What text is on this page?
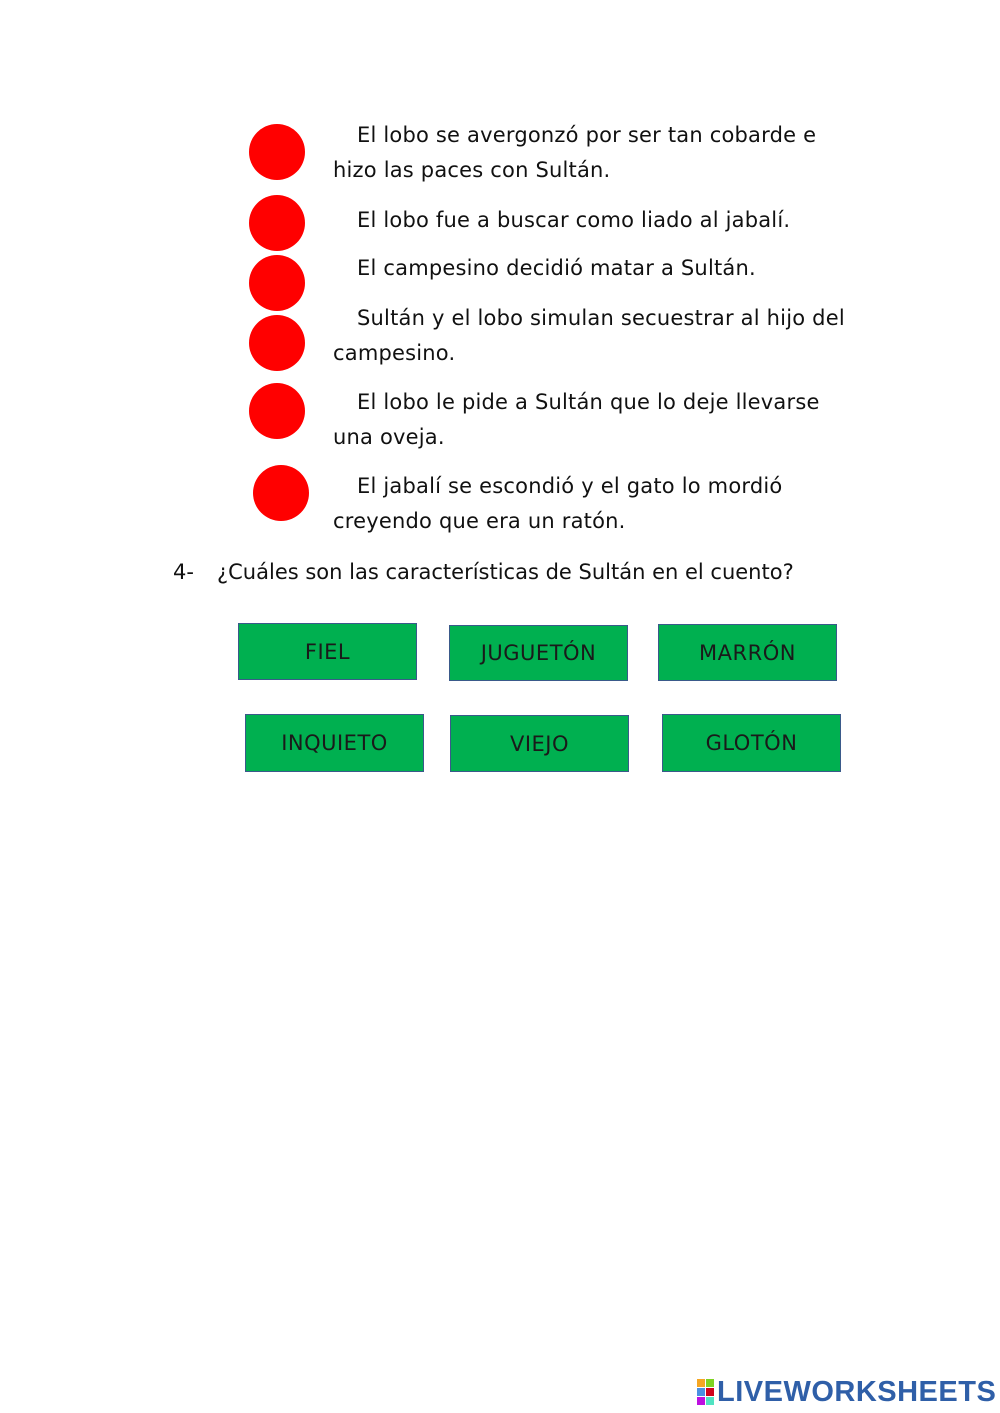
El lobo se avergonzó por ser tan cobarde e hizo las paces con Sultán.
El lobo fue a buscar como liado al jabalí.
El campesino decidió matar a Sultán.
Sultán y el lobo simulan secuestrar al hijo del campesino.
El lobo le pide a Sultán que lo deje llevarse una oveja.
El jabalí se escondió y el gato lo mordió creyendo que era un ratón.
4- ¿Cuáles son las características de Sultán en el cuento?
FIEL	JUGUETÓN	MARRÓN
INQUIETO	VIEJO	GLOTÓN
LIVEWORKSHEETS
